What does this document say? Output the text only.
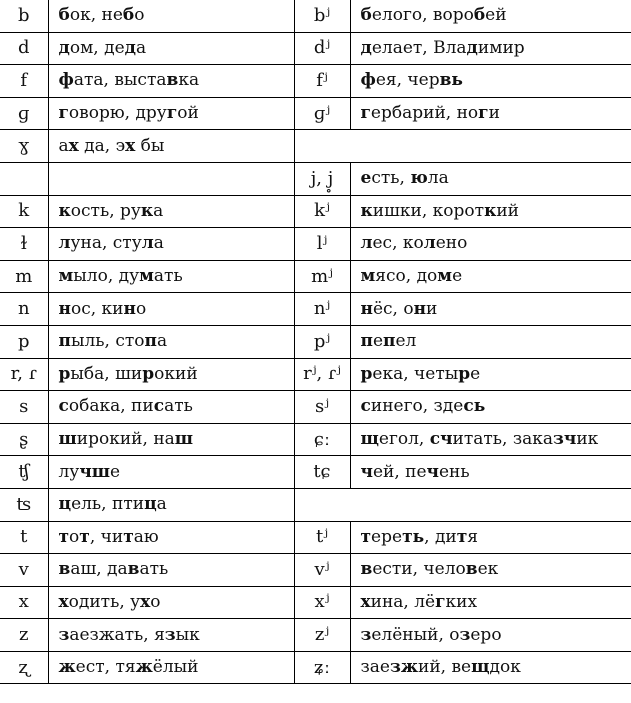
b	бок, небо	bʲ	белого, воробей
d	дом, деда	dʲ	делает, Владимир
f	фата, выставка	fʲ	фея, червь
ɡ	говорю, другой	ɡʲ	гербарий, ноги
ɣ	ах да, эх бы		
		j, j̥	есть, юла
k	кость, рука	kʲ	кишки, короткий
ɫ	луна, стула	lʲ	лес, колено
m	мыло, думать	mʲ	мясо, доме
n	нос, кино	nʲ	нёс, они
p	пыль, стопа	pʲ	пепел
r, ɾ	рыба, широкий	rʲ, ɾʲ	река, четыре
s	собака, писать	sʲ	синего, здесь
ʂ	широкий, наш	ɕː	щегол, считать, заказчик
ʧ	лучше	tɕ	чей, печень
ʦ	цель, птица		
t	тот, читаю	tʲ	тереть, дитя
v	ваш, давать	vʲ	вести, человек
x	ходить, ухо	xʲ	хина, лёгких
z	заезжать, язык	zʲ	зелёный, озеро
ʐ	жест, тяжёлый	ʑː	заезжий, вещдок
